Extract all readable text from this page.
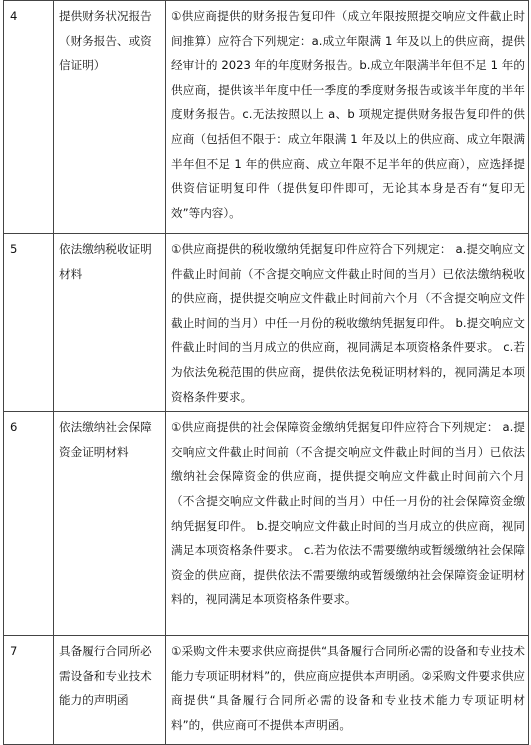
4	提供财务状况报告（财务报告、或资信证明）	①供应商提供的财务报告复印件（成立年限按照提交响应文件截止时间推算）应符合下列规定：a.成立年限满 1 年及以上的供应商，提供经审计的 2023 年的年度财务报告。b.成立年限满半年但不足 1 年的供应商，提供该半年度中任一季度的季度财务报告或该半年度的半年度财务报告。c.无法按照以上 a、b 项规定提供财务报告复印件的供应商（包括但不限于：成立年限满 1 年及以上的供应商、成立年限满半年但不足 1 年的供应商、成立年限不足半年的供应商），应选择提供资信证明复印件（提供复印件即可，无论其本身是否有“复印无效”等内容）。
5	依法缴纳税收证明材料	①供应商提供的税收缴纳凭据复印件应符合下列规定： a.提交响应文件截止时间前（不含提交响应文件截止时间的当月）已依法缴纳税收的供应商，提供提交响应文件截止时间前六个月（不含提交响应文件截止时间的当月）中任一月份的税收缴纳凭据复印件。 b.提交响应文件截止时间的当月成立的供应商，视同满足本项资格条件要求。 c.若为依法免税范围的供应商，提供依法免税证明材料的，视同满足本项资格条件要求。
6	依法缴纳社会保障资金证明材料	①供应商提供的社会保障资金缴纳凭据复印件应符合下列规定： a.提交响应文件截止时间前（不含提交响应文件截止时间的当月）已依法缴纳社会保障资金的供应商，提供提交响应文件截止时间前六个月（不含提交响应文件截止时间的当月）中任一月份的社会保障资金缴纳凭据复印件。 b.提交响应文件截止时间的当月成立的供应商，视同满足本项资格条件要求。 c.若为依法不需要缴纳或暂缓缴纳社会保障资金的供应商，提供依法不需要缴纳或暂缓缴纳社会保障资金证明材料的，视同满足本项资格条件要求。
7	具备履行合同所必需设备和专业技术能力的声明函	①采购文件未要求供应商提供“具备履行合同所必需的设备和专业技术能力专项证明材料”的，供应商应提供本声明函。②采购文件要求供应商提供“具备履行合同所必需的设备和专业技术能力专项证明材料”的，供应商可不提供本声明函。
